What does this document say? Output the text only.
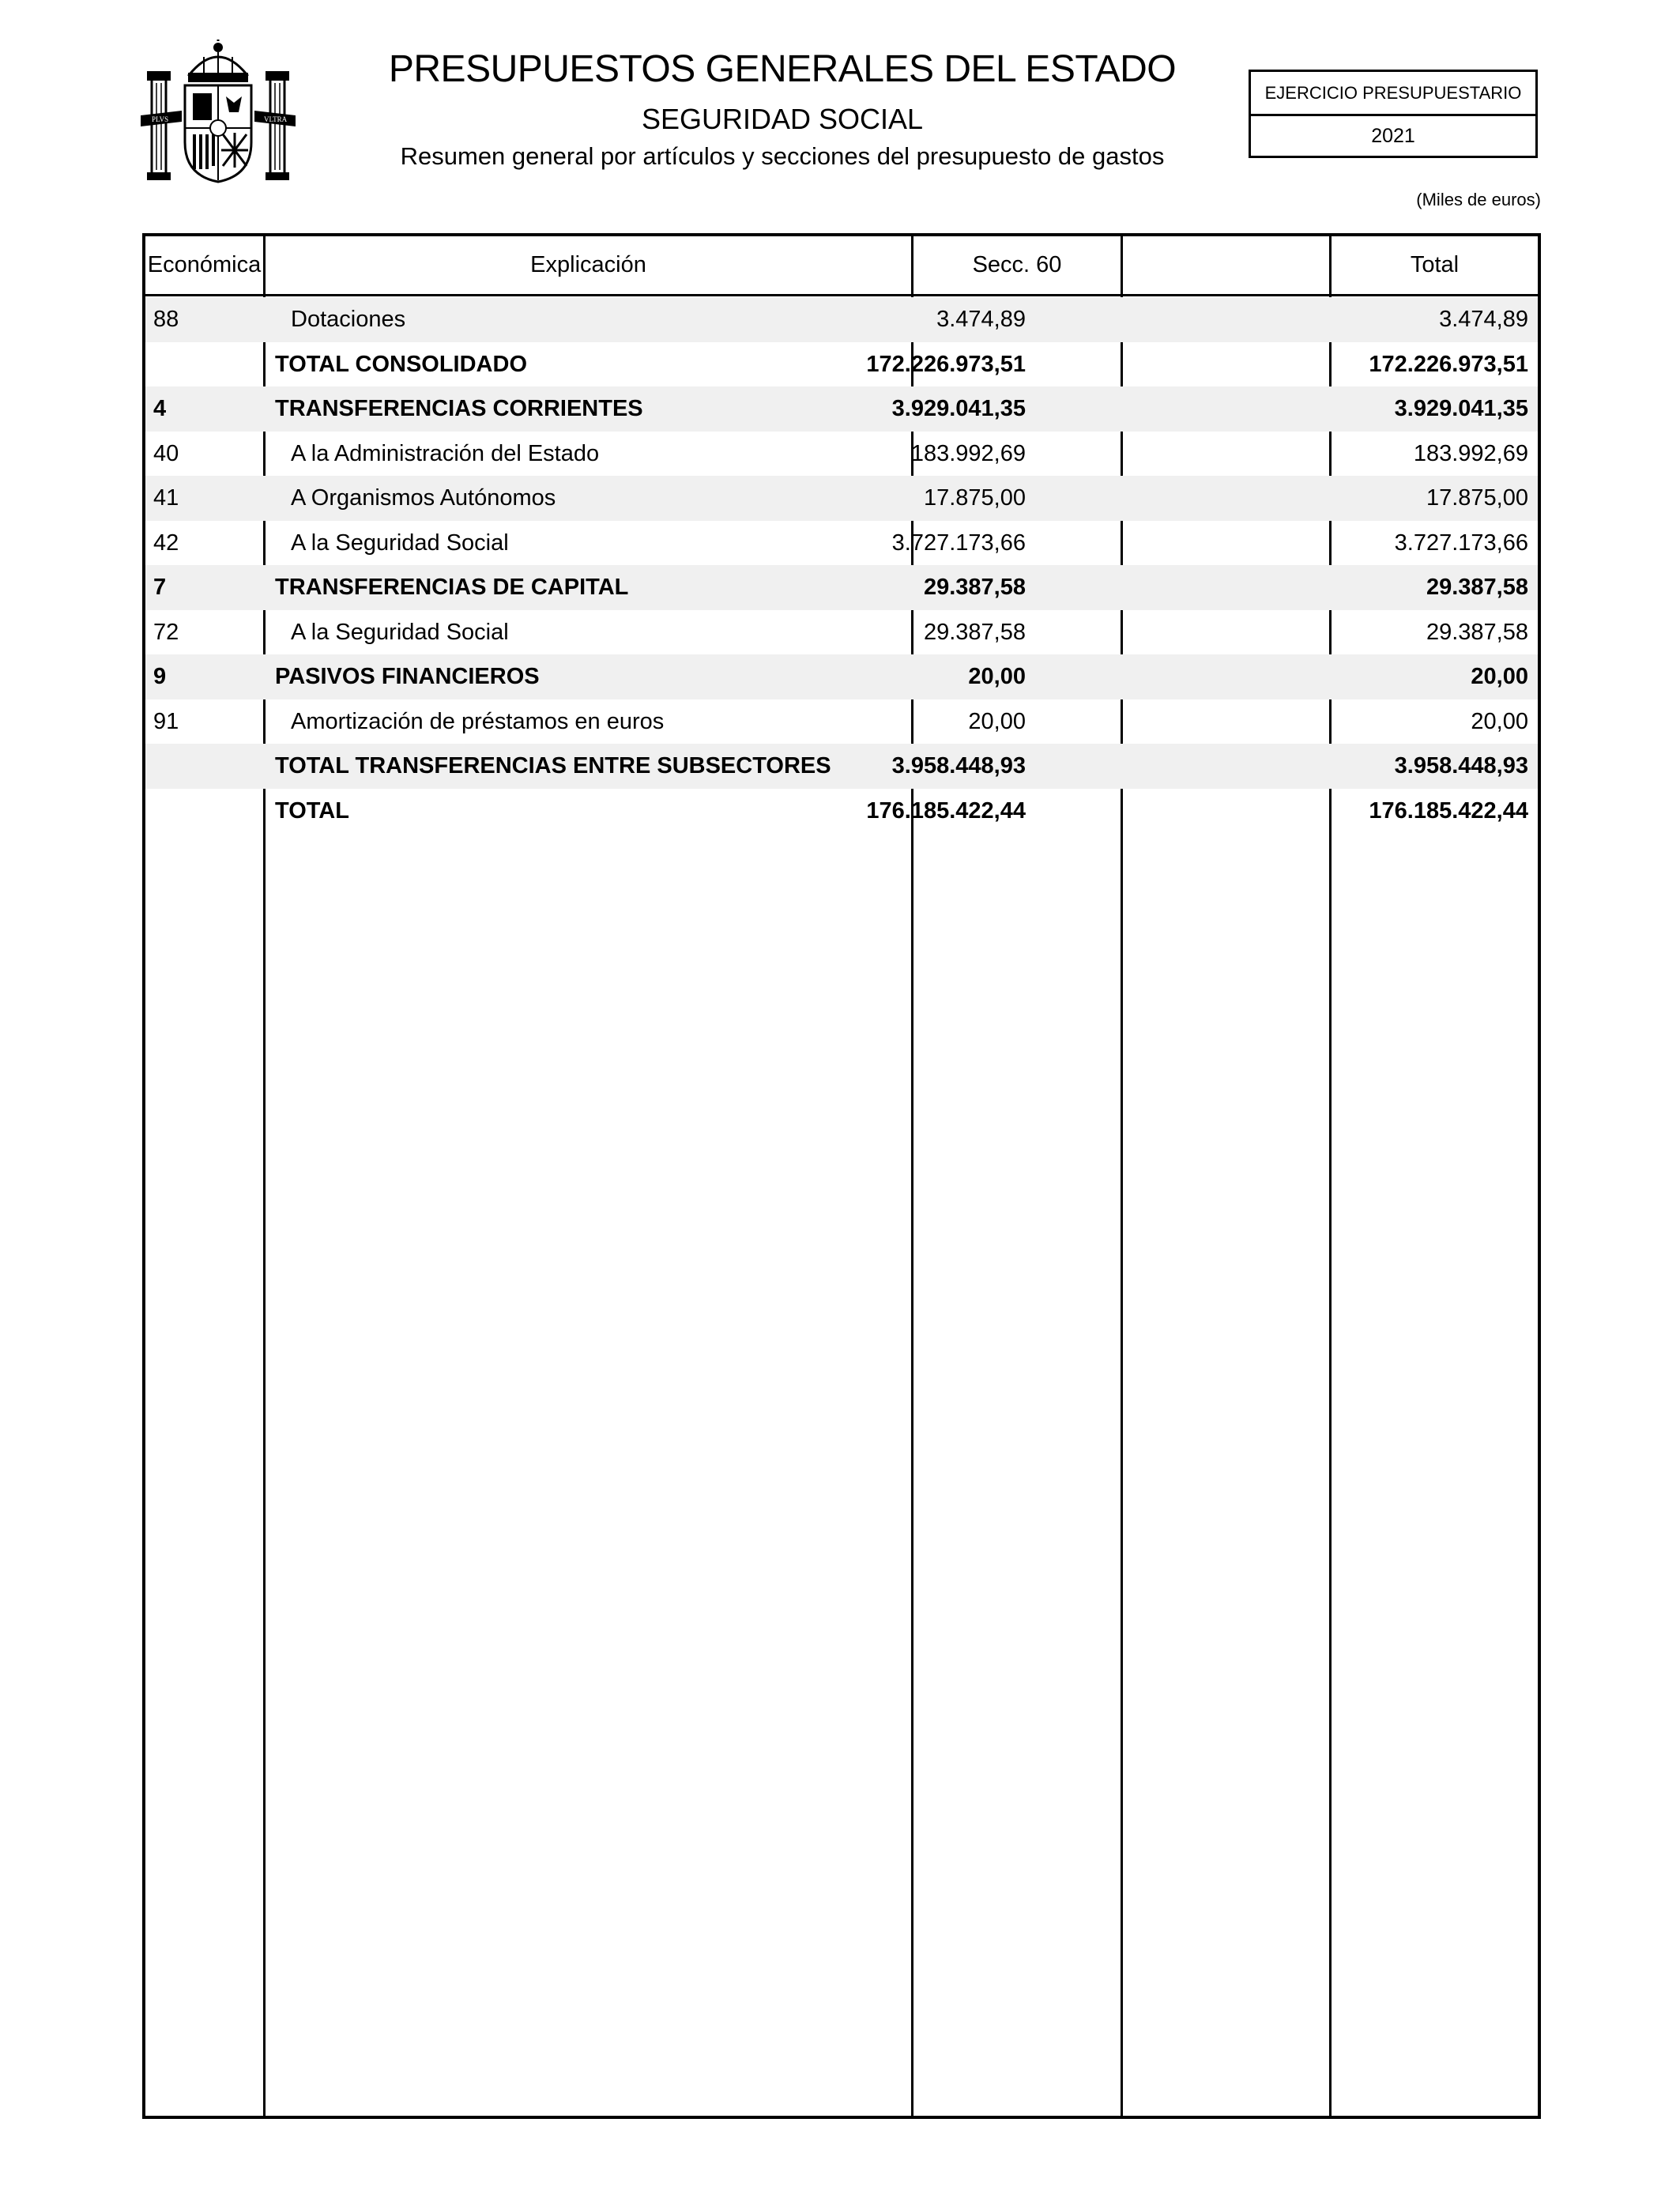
PLVS	VLTRA
PRESUPUESTOS GENERALES DEL ESTADO
SEGURIDAD SOCIAL
Resumen general por artículos y secciones del presupuesto de gastos
EJERCICIO PRESUPUESTARIO
2021
(Miles de euros)
Económica	Explicación	Secc. 60	Total
88	Dotaciones	3.474,89	3.474,89
TOTAL CONSOLIDADO	172.226.973,51	172.226.973,51
4	TRANSFERENCIAS CORRIENTES	3.929.041,35	3.929.041,35
40	A la Administración del Estado	183.992,69	183.992,69
41	A Organismos Autónomos	17.875,00	17.875,00
42	A la Seguridad Social	3.727.173,66	3.727.173,66
7	TRANSFERENCIAS DE CAPITAL	29.387,58	29.387,58
72	A la Seguridad Social	29.387,58	29.387,58
9	PASIVOS FINANCIEROS	20,00	20,00
91	Amortización de préstamos en euros	20,00	20,00
TOTAL TRANSFERENCIAS ENTRE SUBSECTORES	3.958.448,93	3.958.448,93
TOTAL	176.185.422,44	176.185.422,44
